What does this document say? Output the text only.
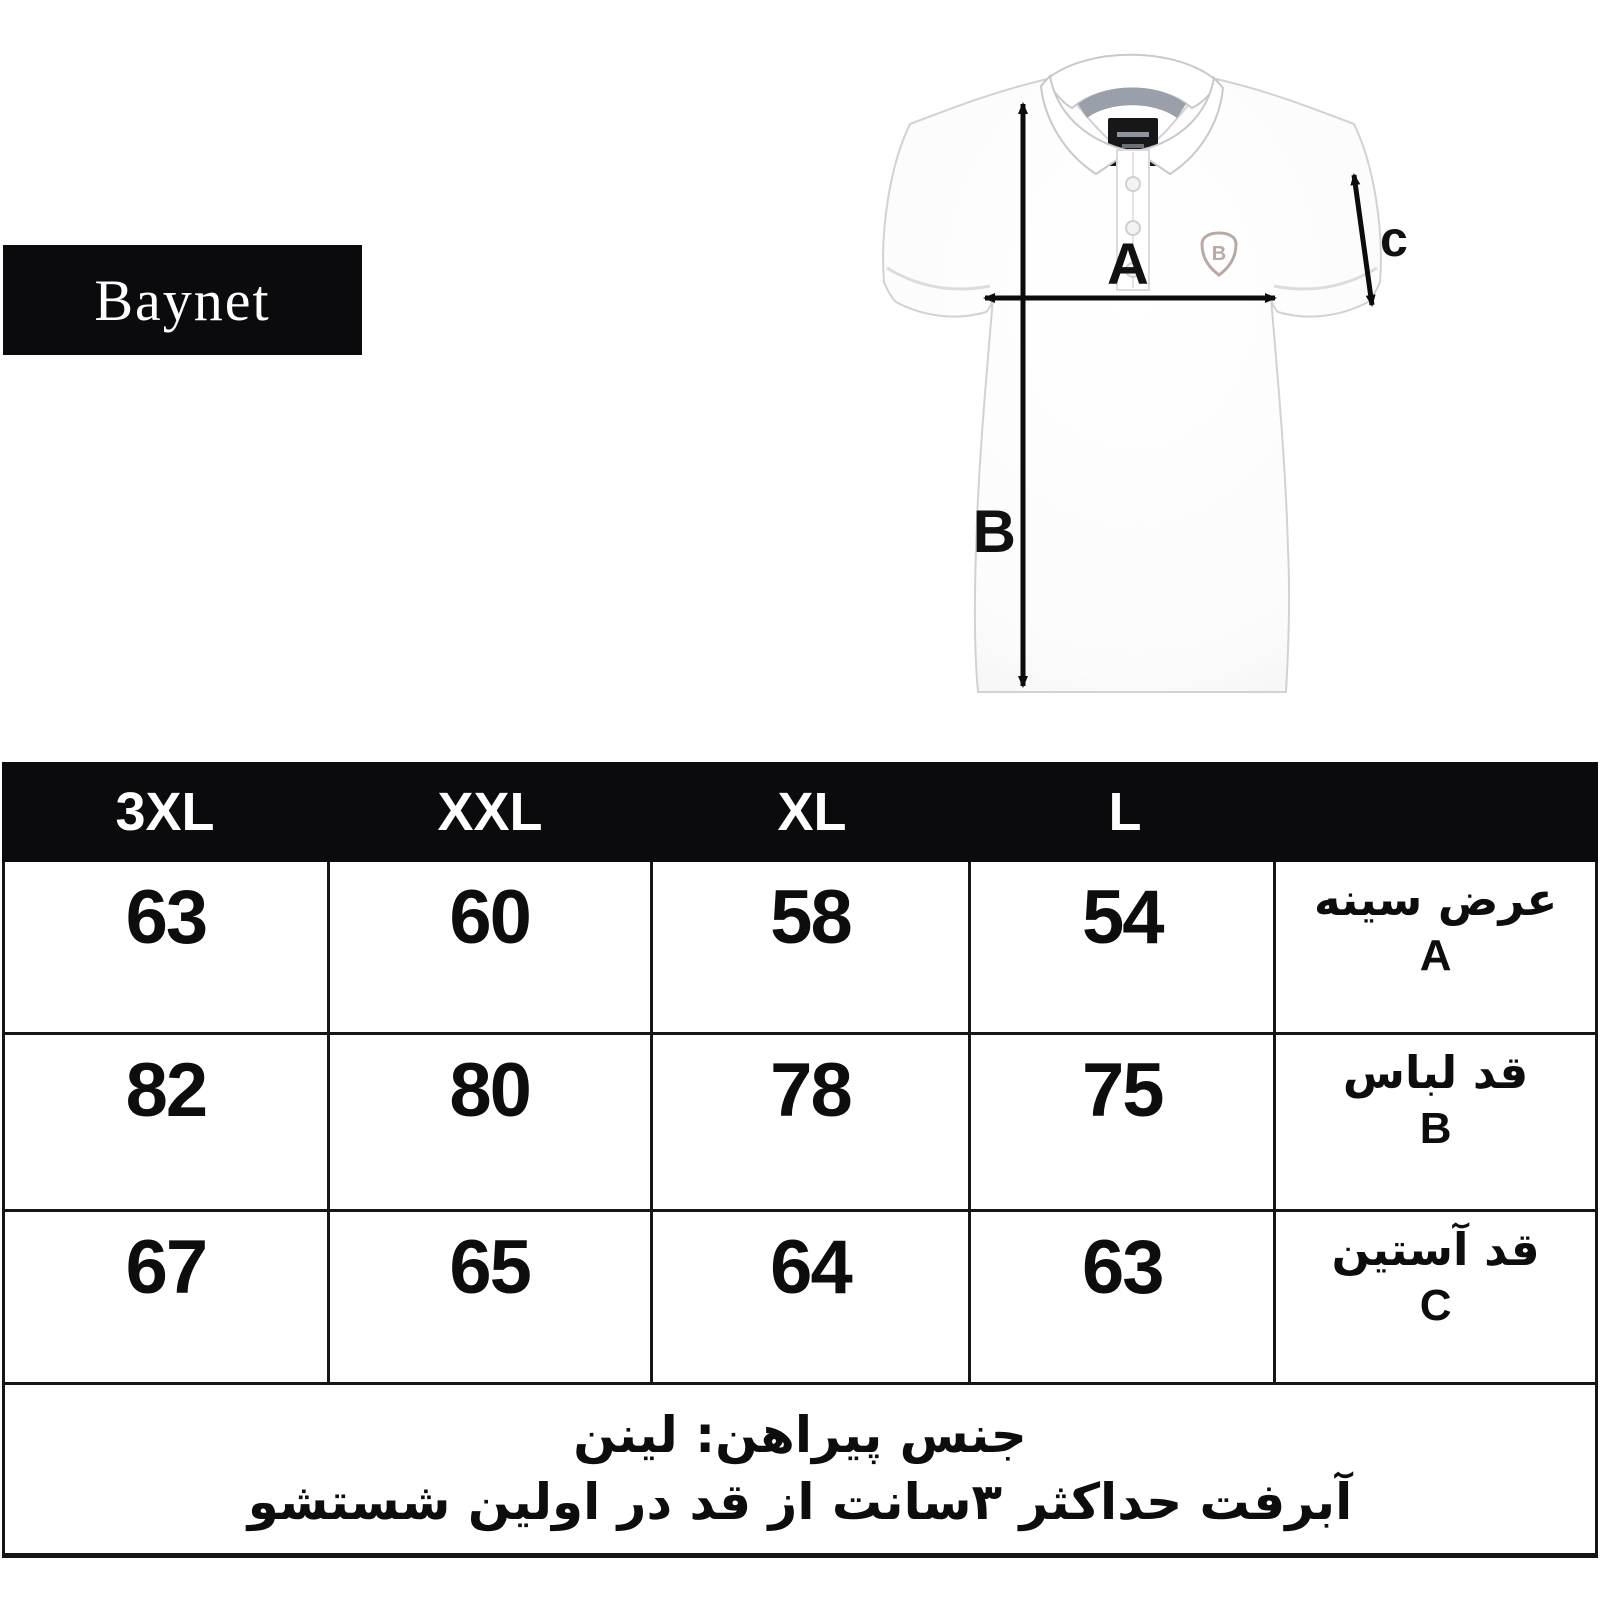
Baynet
B
A
B
c
3XL	XXL	XL	L
63	60	58	54	عرض سینه
A
82	80	78	75	قد لباس
B
67	65	64	63	قد آستین
C
جنس پیراهن: لینن
آبرفت حداکثر ۳سانت از قد در اولین شستشو
